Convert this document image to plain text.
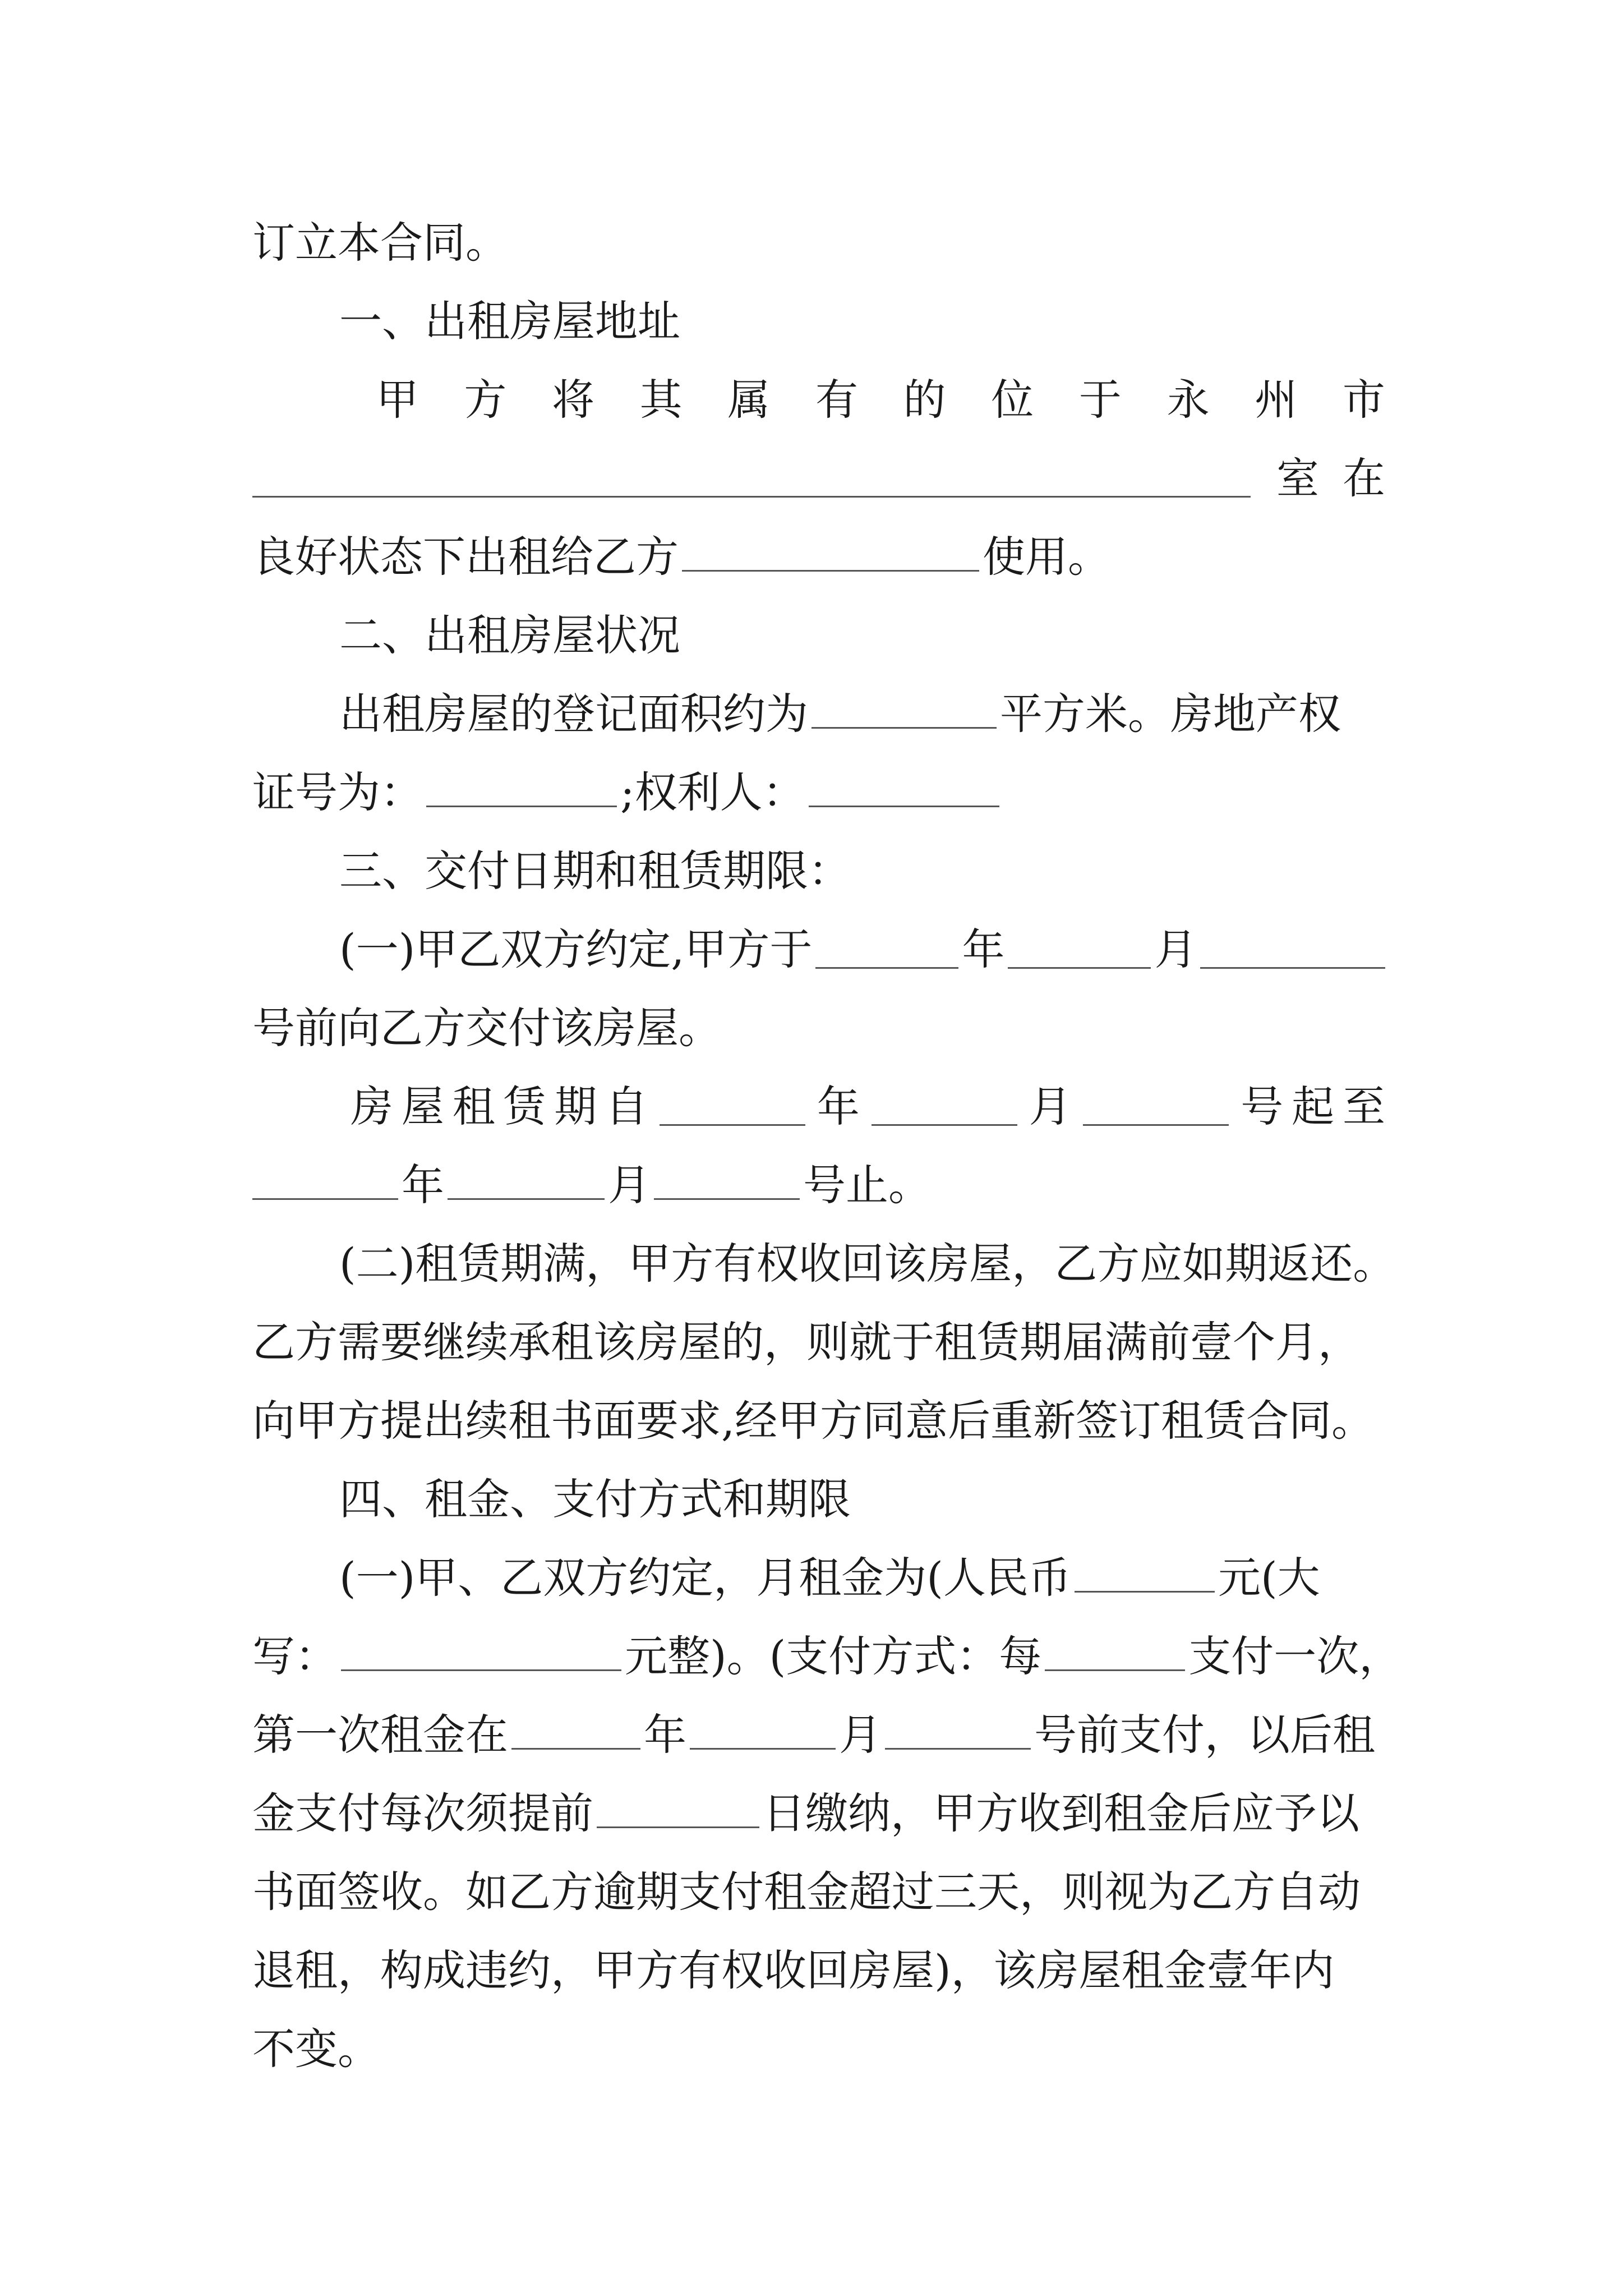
订立本合同。
一、出租房屋地址
甲 方 将 其 属 有 的 位 于 永 州 市
室 在
良好状态下出租给乙方	使用。
二、出租房屋状况
出租房屋的登记面积约为	平方米。房地产权
证号为：	;权利人：
三、交付日期和租赁期限：
(一)甲乙双方约定,甲方于	年	月
号前向乙方交付该房屋。
房 屋 租 赁 期 自	年	月	号 起 至
年	月	号止。
(二)租赁期满，甲方有权收回该房屋，乙方应如期返还。
乙方需要继续承租该房屋的，则就于租赁期届满前壹个月，
向甲方提出续租书面要求,经甲方同意后重新签订租赁合同。
四、租金、支付方式和期限
(一)甲、乙双方约定，月租金为(人民币	元(大
写：	元整)。(支付方式：每	支付一次，
第一次租金在	年	月	号前支付，以后租
金支付每次须提前	日缴纳，甲方收到租金后应予以
书面签收。如乙方逾期支付租金超过三天，则视为乙方自动
退租，构成违约，甲方有权收回房屋)，该房屋租金壹年内
不变。
